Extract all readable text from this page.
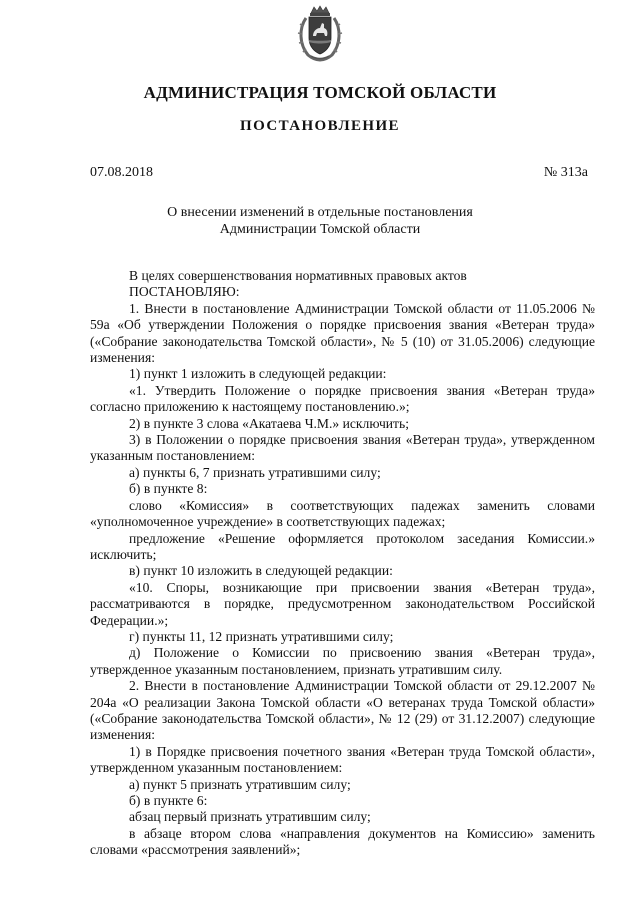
АДМИНИСТРАЦИЯ ТОМСКОЙ ОБЛАСТИ
ПОСТАНОВЛЕНИЕ
07.08.2018	№ 313а
О внесении изменений в отдельные постановления
Администрации Томской области

В целях совершенствования нормативных правовых актов

ПОСТАНОВЛЯЮ:

1. Внести в постановление Администрации Томской области от 11.05.2006 № 59а «Об утверждении Положения о порядке присвоения звания «Ветеран труда» («Собрание законодательства Томской области», № 5 (10) от 31.05.2006) следующие изменения:

1) пункт 1 изложить в следующей редакции:

«1. Утвердить Положение о порядке присвоения звания «Ветеран труда» согласно приложению к настоящему постановлению.»;

2) в пункте 3 слова «Акатаева Ч.М.» исключить;

3) в Положении о порядке присвоения звания «Ветеран труда», утвержденном указанным постановлением:

а) пункты 6, 7 признать утратившими силу;

б) в пункте 8:

слово «Комиссия» в соответствующих падежах заменить словами «уполномоченное учреждение» в соответствующих падежах;

предложение «Решение оформляется протоколом заседания Комиссии.» исключить;

в) пункт 10 изложить в следующей редакции:

«10. Споры, возникающие при присвоении звания «Ветеран труда», рассматриваются в порядке, предусмотренном законодательством Российской Федерации.»;

г) пункты 11, 12 признать утратившими силу;

д) Положение о Комиссии по присвоению звания «Ветеран труда», утвержденное указанным постановлением, признать утратившим силу.

2. Внести в постановление Администрации Томской области от 29.12.2007 № 204а «О реализации Закона Томской области «О ветеранах труда Томской области» («Собрание законодательства Томской области», № 12 (29) от 31.12.2007) следующие изменения:

1) в Порядке присвоения почетного звания «Ветеран труда Томской области», утвержденном указанным постановлением:

а) пункт 5 признать утратившим силу;

б) в пункте 6:

абзац первый признать утратившим силу;

в абзаце втором слова «направления документов на Комиссию» заменить словами «рассмотрения заявлений»;
